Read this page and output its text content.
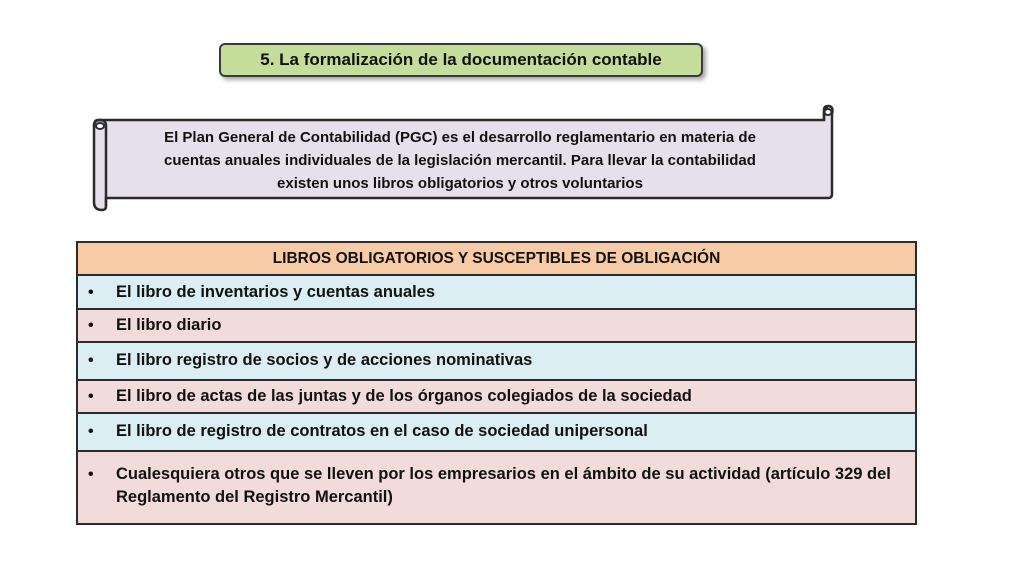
5. La formalización de la documentación contable
El Plan General de Contabilidad (PGC) es el desarrollo reglamentario en materia de
cuentas anuales individuales de la legislación mercantil. Para llevar la contabilidad
existen unos libros obligatorios y otros voluntarios
LIBROS OBLIGATORIOS Y SUSCEPTIBLES DE OBLIGACIÓN
•	El libro de inventarios y cuentas anuales
•	El libro diario
•	El libro registro de socios y de acciones nominativas
•	El libro de actas de las juntas y de los órganos colegiados de la sociedad
•	El libro de registro de contratos en el caso de sociedad unipersonal
•	Cualesquiera otros que se lleven por los empresarios en el ámbito de su actividad (artículo 329 del Reglamento del Registro Mercantil)
